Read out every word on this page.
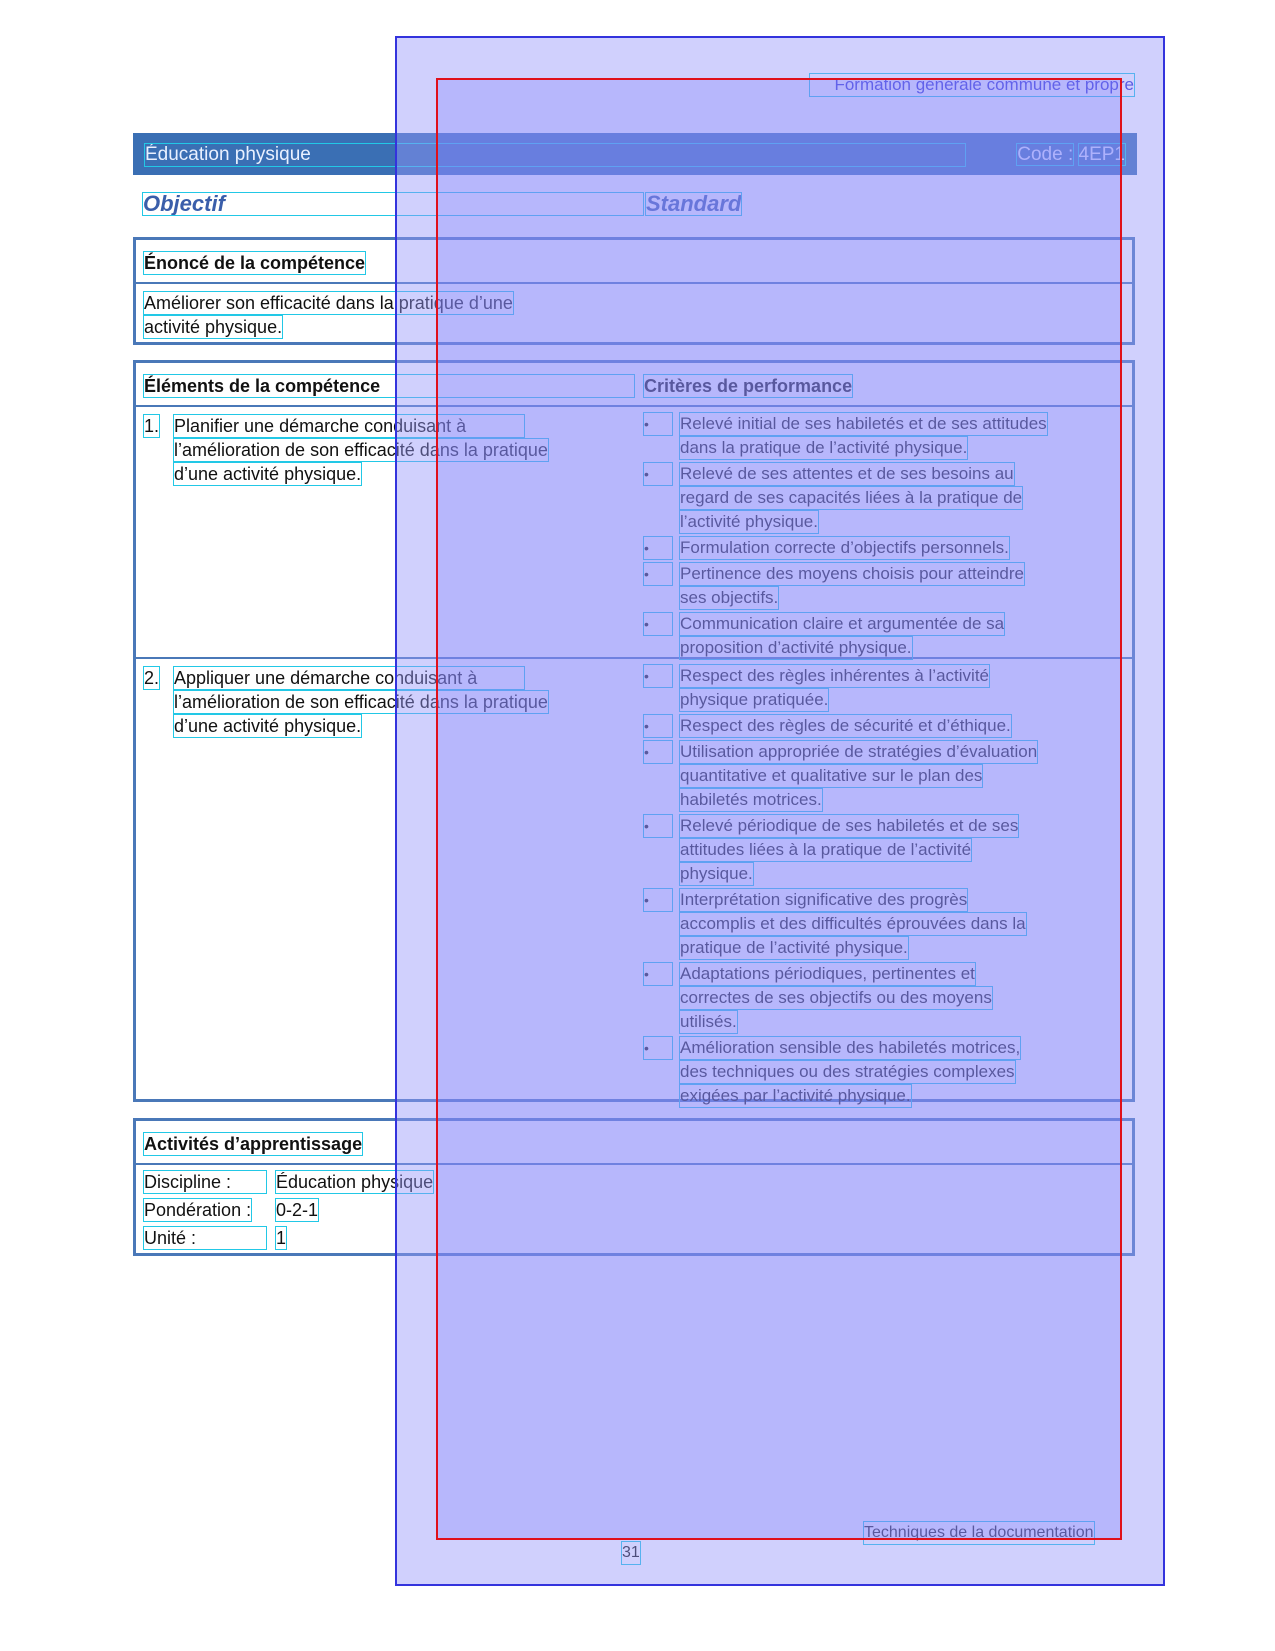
Formation générale commune et propre
Éducation physique	Code : 4EP1
Objectif	Standard
Énoncé de la compétence
Améliorer son efficacité dans la pratique d’une
activité physique.
Éléments de la compétence	Critères de performance
1. Planifier une démarche conduisant à
l’amélioration de son efficacité dans la pratique
d’une activité physique.
•	Relevé initial de ses habiletés et de ses attitudes
dans la pratique de l’activité physique.
•	Relevé de ses attentes et de ses besoins au
regard de ses capacités liées à la pratique de
l’activité physique.
•	Formulation correcte d’objectifs personnels.
•	Pertinence des moyens choisis pour atteindre
ses objectifs.
•	Communication claire et argumentée de sa
proposition d’activité physique.
2. Appliquer une démarche conduisant à
l’amélioration de son efficacité dans la pratique
d’une activité physique.
•	Respect des règles inhérentes à l’activité
physique pratiquée.
•	Respect des règles de sécurité et d’éthique.
•	Utilisation appropriée de stratégies d’évaluation
quantitative et qualitative sur le plan des
habiletés motrices.
•	Relevé périodique de ses habiletés et de ses
attitudes liées à la pratique de l’activité
physique.
•	Interprétation significative des progrès
accomplis et des difficultés éprouvées dans la
pratique de l’activité physique.
•	Adaptations périodiques, pertinentes et
correctes de ses objectifs ou des moyens
utilisés.
•	Amélioration sensible des habiletés motrices,
des techniques ou des stratégies complexes
exigées par l’activité physique.
Activités d’apprentissage
Discipline :	Éducation physique
Pondération : 0-2-1
Unité :	1
Techniques de la documentation
31
